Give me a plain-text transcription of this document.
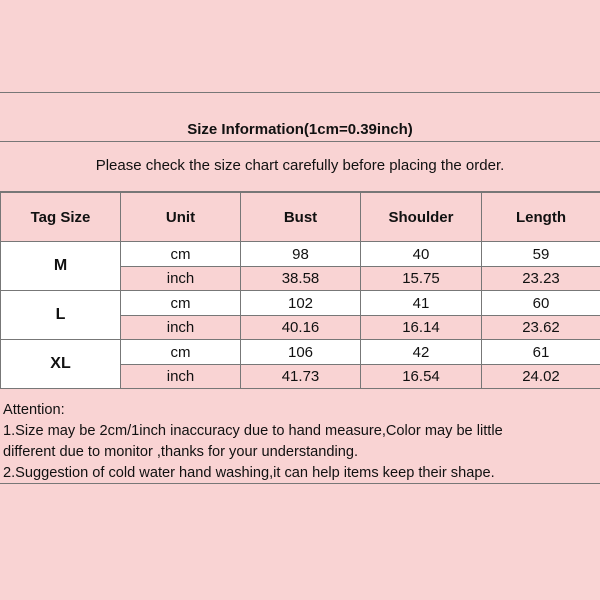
Size Information(1cm=0.39inch)
Please check the size chart carefully before placing the order.
Tag Size	Unit	Bust	Shoulder	Length
M	cm	98	40	59
	inch	38.58	15.75	23.23
L	cm	102	41	60
	inch	40.16	16.14	23.62
XL	cm	106	42	61
	inch	41.73	16.54	24.02
Attention:
1.Size may be 2cm/1inch inaccuracy due to hand measure,Color may be little
different due to monitor ,thanks for your understanding.
2.Suggestion of cold water hand washing,it can help items keep their shape.
